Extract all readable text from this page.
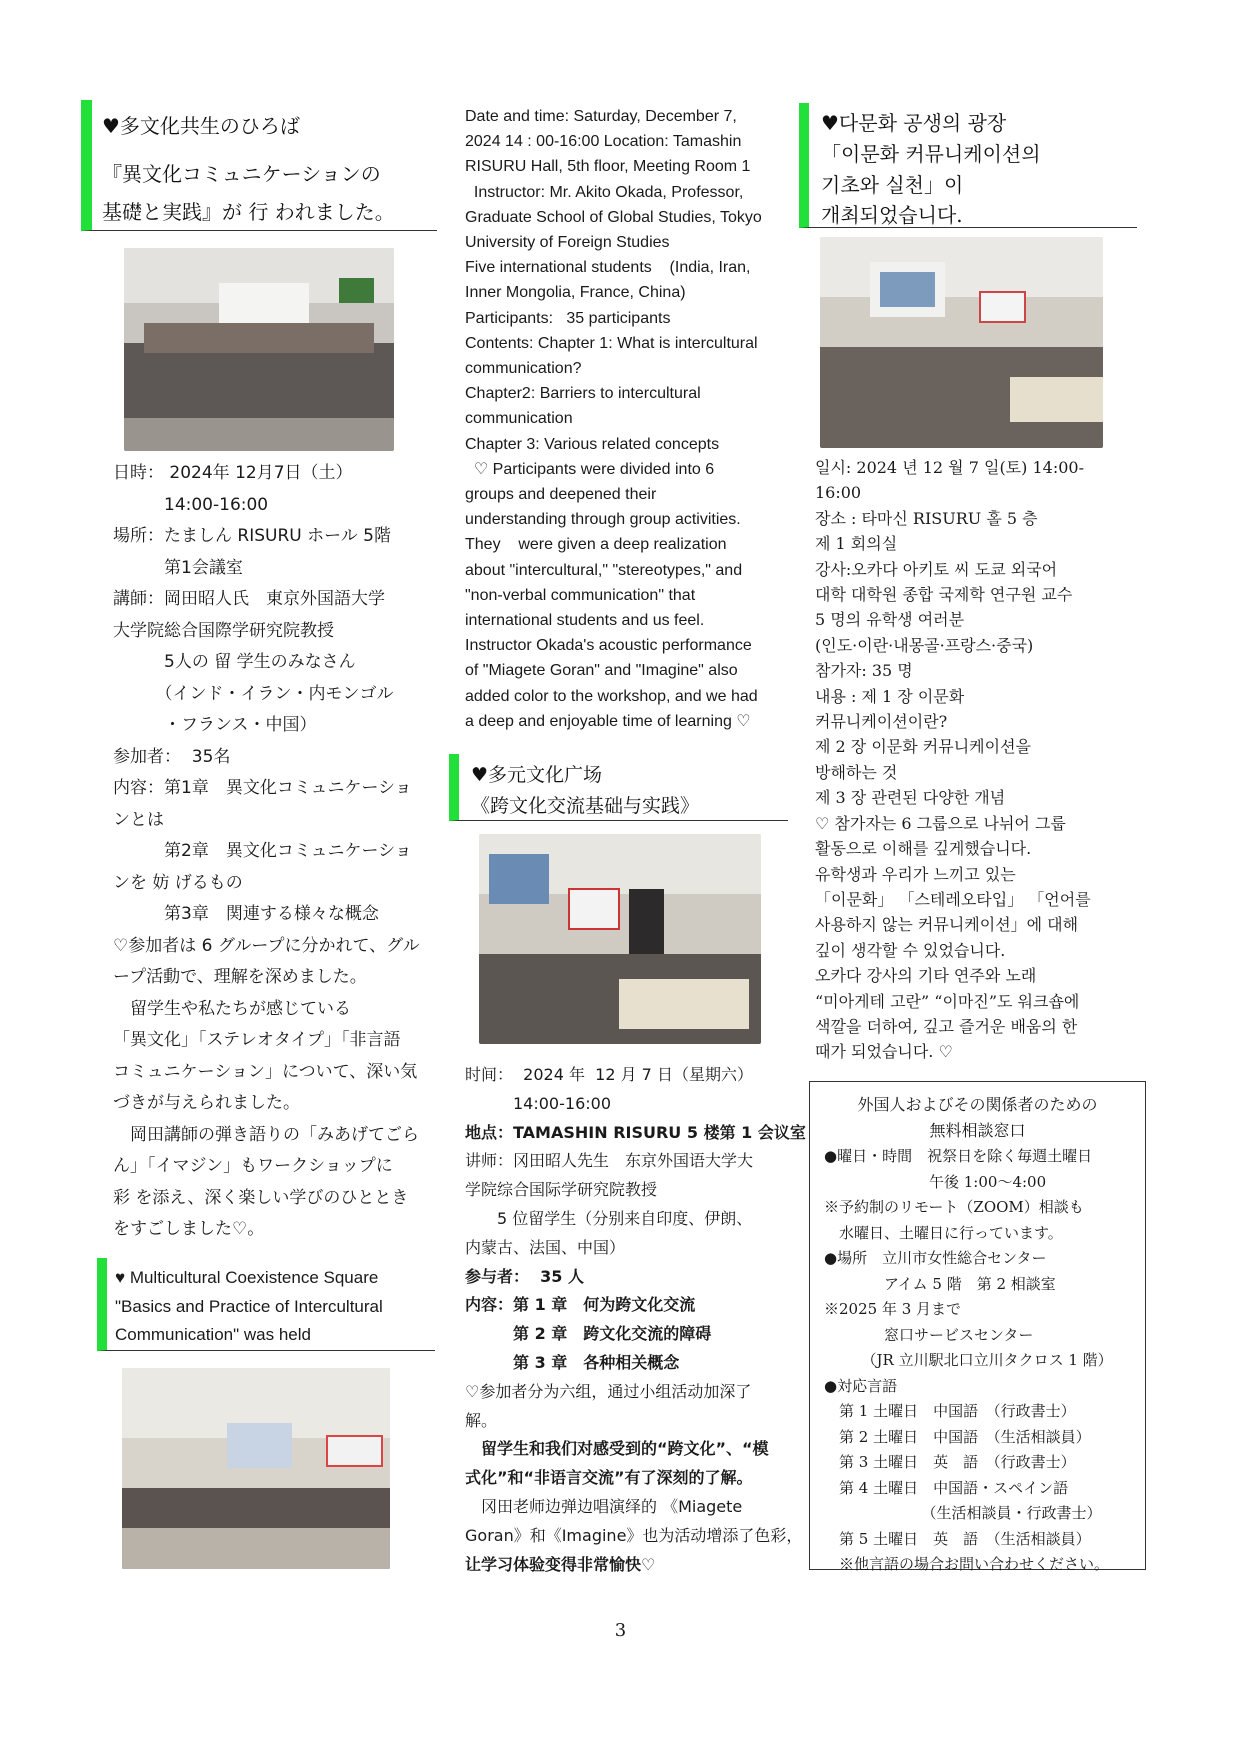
♥多文化共生のひろば
『異文化コミュニケーションの
基礎と実践』が 行 われました。
日時： 2024年 12月7日（土）
　　　14:00-16:00
場所：たましん RISURU ホール 5階
　　　第1会議室
講師：岡田昭人氏　東京外国語大学
大学院総合国際学研究院教授
　　　5人の 留 学生のみなさん
　　　（インド・イラン・内モンゴル
　　　・フランス・中国）
参加者：  35名
内容：第1章　異文化コミュニケーショ
ンとは
　　　第2章　異文化コミュニケーショ
ンを 妨 げるもの
　　　第3章　関連する様々な概念
♡参加者は 6 グループに分かれて、グル
ープ活動で、理解を深めました。
　留学生や私たちが感じている
「異文化」「ステレオタイプ」「非言語
コミュニケーション」について、深い気
づきが与えられました。
　岡田講師の弾き語りの「みあげてごら
ん」「イマジン」もワークショップに
彩 を添え、深く楽しい学びのひととき
をすごしました♡。
♥ Multicultural Coexistence Square
"Basics and Practice of Intercultural
Communication" was held
Date and time: Saturday, December 7,
2024 14 : 00-16:00 Location: Tamashin
RISURU Hall, 5th floor, Meeting Room 1
Instructor: Mr. Akito Okada, Professor,
Graduate School of Global Studies, Tokyo
University of Foreign Studies
Five international students    (India, Iran,
Inner Mongolia, France, China)
Participants:   35 participants
Contents: Chapter 1: What is intercultural
communication?
Chapter2: Barriers to intercultural
communication
Chapter 3: Various related concepts
♡ Participants were divided into 6
groups and deepened their
understanding through group activities.
They    were given a deep realization
about "intercultural," "stereotypes," and
"non-verbal communication" that
international students and us feel.
Instructor Okada's acoustic performance
of "Miagete Goran" and "Imagine" also
added color to the workshop, and we had
a deep and enjoyable time of learning ♡
♥多元文化广场
《跨文化交流基础与实践》
时间：  2024 年  12 月 7 日（星期六）
　　　14:00-16:00
地点：TAMASHIN RISURU 5 楼第 1 会议室
讲师：冈田昭人先生　东京外国语大学大
学院综合国际学研究院教授
　　5 位留学生（分别来自印度、伊朗、
内蒙古、法国、中国）
参与者：  35 人
内容：第 1 章　何为跨文化交流
　　　第 2 章　跨文化交流的障碍
　　　第 3 章　各种相关概念
♡参加者分为六组，通过小组活动加深了
解。
　留学生和我们对感受到的“跨文化”、“模
式化”和“非语言交流”有了深刻的了解。
　冈田老师边弹边唱演绎的 《Miagete
Goran》和《Imagine》也为活动增添了色彩，
让学习体验变得非常愉快♡
♥다문화 공생의 광장
「이문화 커뮤니케이션의
기초와 실천」이
개최되었습니다.
일시: 2024 년 12 월 7 일(토) 14:00-
16:00
장소 : 타마신 RISURU 홀 5 층
제 1 회의실
강사:오카다 아키토 씨 도쿄 외국어
대학 대학원 종합 국제학 연구원 교수
5 명의 유학생 여러분
(인도·이란·내몽골·프랑스·중국)
참가자: 35 명
내용 : 제 1 장 이문화
커뮤니케이션이란?
제 2 장 이문화 커뮤니케이션을
방해하는 것
제 3 장 관련된 다양한 개념
♡ 참가자는 6 그룹으로 나뉘어 그룹
활동으로 이해를 깊게했습니다.
유학생과 우리가 느끼고 있는
「이문화」 「스테레오타입」 「언어를
사용하지 않는 커뮤니케이션」에 대해
깊이 생각할 수 있었습니다.
오카다 강사의 기타 연주와 노래
“미아게테 고란” “이마진”도 워크숍에
색깔을 더하여, 깊고 즐거운 배움의 한
때가 되었습니다. ♡
外国人およびその関係者のための
無料相談窓口
●曜日・時間　祝祭日を除く毎週土曜日
　　　　　　　午後 1:00～4:00
※予約制のリモート（ZOOM）相談も
　水曜日、土曜日に行っています。
●場所　立川市女性総合センター
　　　　アイム 5 階　第 2 相談室
※2025 年 3 月まで
　　　　窓口サービスセンター
　　　（JR 立川駅北口立川タクロス 1 階）
●対応言語
　第 1 土曜日　中国語　（行政書士）
　第 2 土曜日　中国語　（生活相談員）
　第 3 土曜日　英　語　（行政書士）
　第 4 土曜日　中国語・スペイン語
　　　　　　　（生活相談員・行政書士）
　第 5 土曜日　英　語　（生活相談員）
　※他言語の場合お問い合わせください。
3
